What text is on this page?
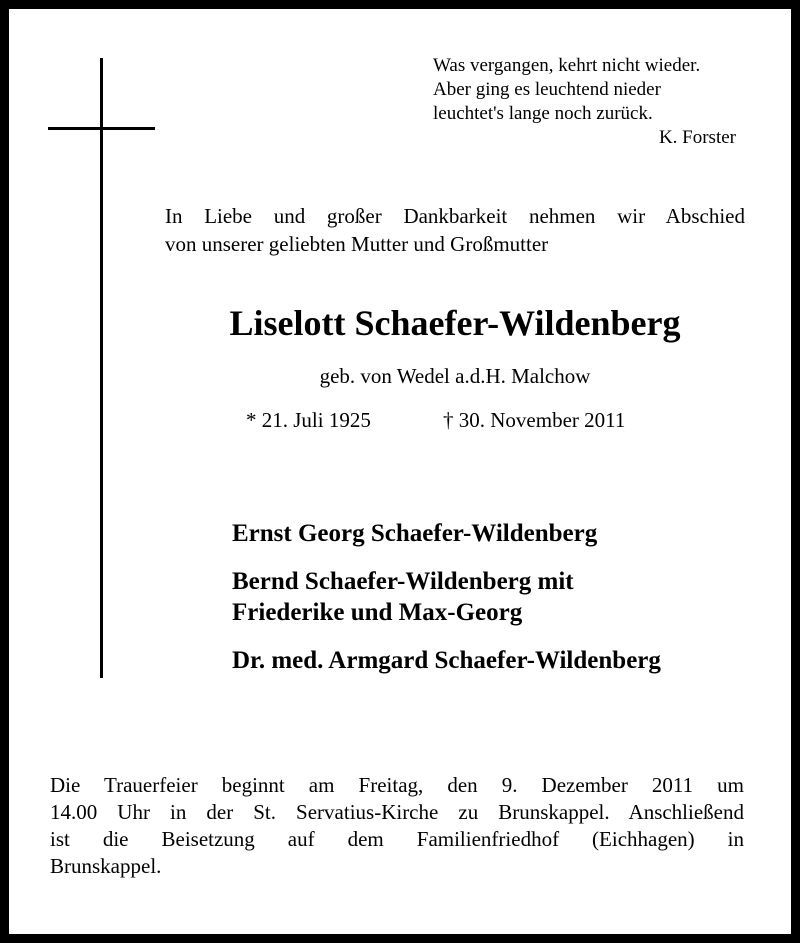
Was vergangen, kehrt nicht wieder.
Aber ging es leuchtend nieder
leuchtet's lange noch zurück.
K. Forster
In Liebe und großer Dankbarkeit nehmen wir Abschied
von unserer geliebten Mutter und Großmutter
Liselott Schaefer-Wildenberg
geb. von Wedel a.d.H. Malchow
* 21. Juli 1925	† 30. November 2011
Ernst Georg Schaefer-Wildenberg
Bernd Schaefer-Wildenberg mit
Friederike und Max-Georg
Dr. med. Armgard Schaefer-Wildenberg
Die Trauerfeier beginnt am Freitag, den 9. Dezember 2011 um
14.00 Uhr in der St. Servatius-Kirche zu Brunskappel. Anschließend
ist die Beisetzung auf dem Familienfriedhof (Eichhagen) in
Brunskappel.
